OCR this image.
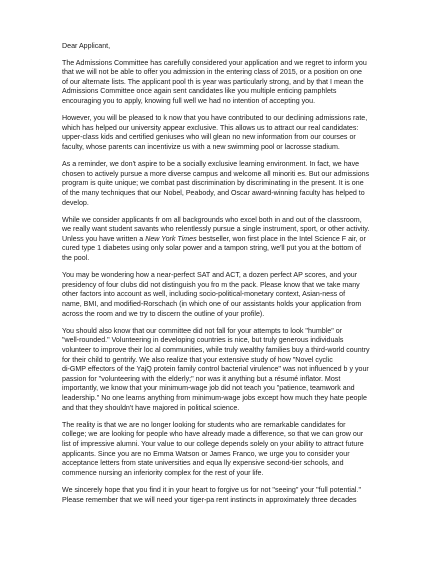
Dear Applicant,
The Admissions Committee has carefully considered your application and we regret to inform you
that we will not be able to offer you admission in the entering class of 2015, or a position on one
of our alternate lists. The applicant pool th is year was particularly strong, and by that I mean the
Admissions Committee once again sent candidates like you multiple enticing pamphlets
encouraging you to apply, knowing full well we had no intention of accepting you.
However, you will be pleased to k now that you have contributed to our declining admissions rate,
which has helped our university appear exclusive. This allows us to attract our real candidates:
upper-class kids and certified geniuses who will glean no new information from our courses or
faculty, whose parents can incentivize us with a new swimming pool or lacrosse stadium.
As a reminder, we don't aspire to be a socially exclusive learning environment. In fact, we have
chosen to actively pursue a more diverse campus and welcome all minoriti es. But our admissions
program is quite unique; we combat past discrimination by discriminating in the present. It is one
of the many techniques that our Nobel, Peabody, and Oscar award-winning faculty has helped to
develop.
While we consider applicants fr om all backgrounds who excel both in and out of the classroom,
we really want student savants who relentlessly pursue a single instrument, sport, or other activity.
Unless you have written a New York Times bestseller, won first place in the Intel Science F air, or
cured type 1 diabetes using only solar power and a tampon string, we'll put you at the bottom of
the pool.
You may be wondering how a near-perfect SAT and ACT, a dozen perfect AP scores, and your
presidency of four clubs did not distinguish you fro m the pack. Please know that we take many
other factors into account as well, including socio-political-monetary context, Asian-ness of
name, BMI, and modified-Rorschach (in which one of our assistants holds your application from
across the room and we try to discern the outline of your profile).
You should also know that our committee did not fall for your attempts to look "humble" or
"well-rounded." Volunteering in developing countries is nice, but truly generous individuals
volunteer to improve their loc al communities, while truly wealthy families buy a third-world country
for their child to gentrify. We also realize that your extensive study of how "Novel cyclic
di-GMP effectors of the YajQ protein family control bacterial virulence" was not influenced b y your
passion for "volunteering with the elderly;" nor was it anything but a résumé inflator. Most
importantly, we know that your minimum-wage job did not teach you "patience, teamwork and
leadership." No one learns anything from minimum-wage jobs except how much they hate people
and that they shouldn't have majored in political science.
The reality is that we are no longer looking for students who are remarkable candidates for
college; we are looking for people who have already made a difference, so that we can grow our
list of impressive alumni. Your value to our college depends solely on your ability to attract future
applicants. Since you are no Emma Watson or James Franco, we urge you to consider your
acceptance letters from state universities and equa lly expensive second-tier schools, and
commence nursing an inferiority complex for the rest of your life.
We sincerely hope that you find it in your heart to forgive us for not "seeing" your "full potential."
Please remember that we will need your tiger-pa rent instincts in approximately three decades
